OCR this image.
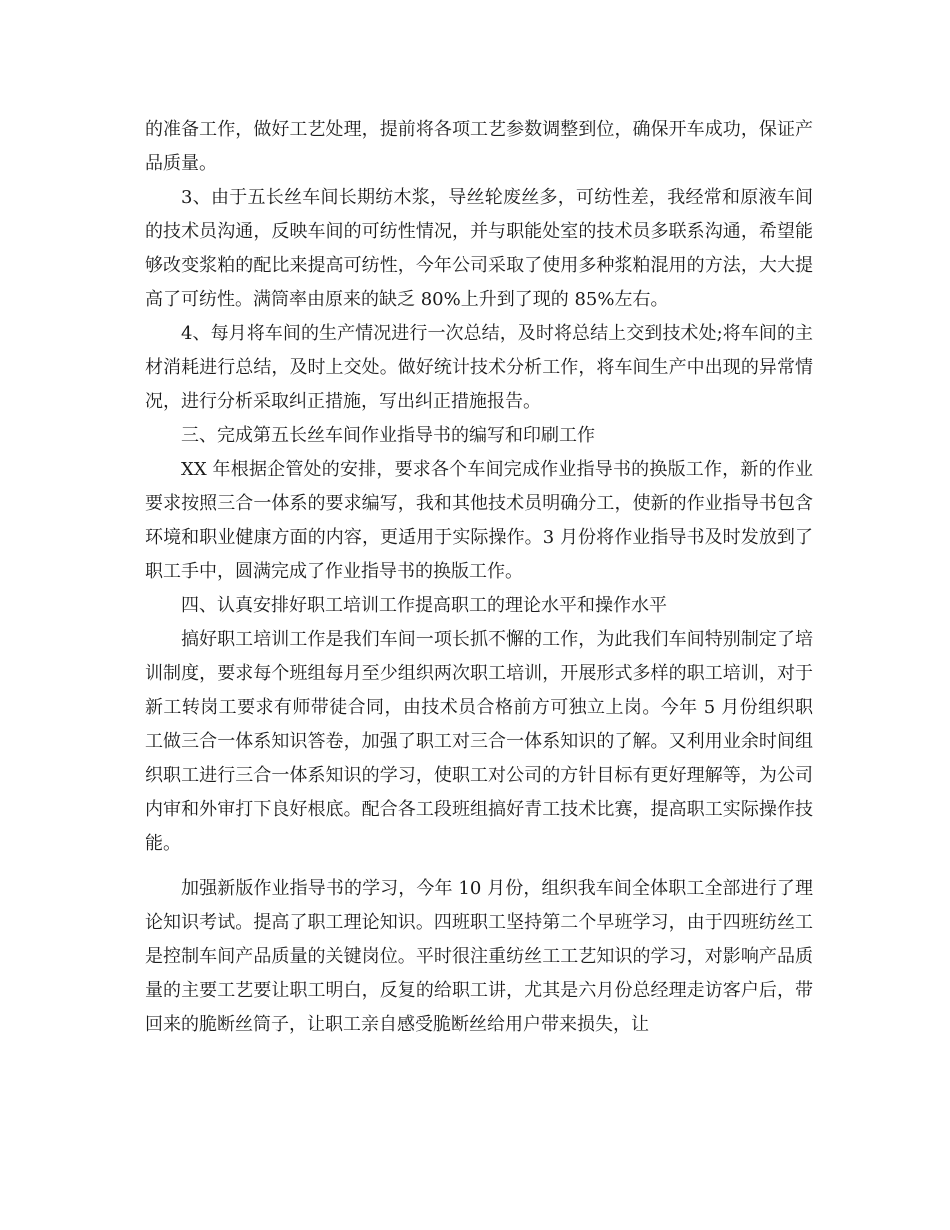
的准备工作，做好工艺处理，提前将各项工艺参数调整到位，确保开车成功，保证产品质量。

3、由于五长丝车间长期纺木浆，导丝轮废丝多，可纺性差，我经常和原液车间的技术员沟通，反映车间的可纺性情况，并与职能处室的技术员多联系沟通，希望能够改变浆粕的配比来提高可纺性，今年公司采取了使用多种浆粕混用的方法，大大提高了可纺性。满筒率由原来的缺乏 80%上升到了现的 85%左右。

4、每月将车间的生产情况进行一次总结，及时将总结上交到技术处;将车间的主材消耗进行总结，及时上交处。做好统计技术分析工作，将车间生产中出现的异常情况，进行分析采取纠正措施，写出纠正措施报告。

三、完成第五长丝车间作业指导书的编写和印刷工作

XX 年根据企管处的安排，要求各个车间完成作业指导书的换版工作，新的作业要求按照三合一体系的要求编写，我和其他技术员明确分工，使新的作业指导书包含环境和职业健康方面的内容，更适用于实际操作。3 月份将作业指导书及时发放到了职工手中，圆满完成了作业指导书的换版工作。

四、认真安排好职工培训工作提高职工的理论水平和操作水平

搞好职工培训工作是我们车间一项长抓不懈的工作，为此我们车间特别制定了培训制度，要求每个班组每月至少组织两次职工培训，开展形式多样的职工培训，对于新工转岗工要求有师带徒合同，由技术员合格前方可独立上岗。今年 5 月份组织职工做三合一体系知识答卷，加强了职工对三合一体系知识的了解。又利用业余时间组织职工进行三合一体系知识的学习，使职工对公司的方针目标有更好理解等，为公司内审和外审打下良好根底。配合各工段班组搞好青工技术比赛，提高职工实际操作技能。

加强新版作业指导书的学习，今年 10 月份，组织我车间全体职工全部进行了理论知识考试。提高了职工理论知识。四班职工坚持第二个早班学习，由于四班纺丝工是控制车间产品质量的关键岗位。平时很注重纺丝工工艺知识的学习，对影响产品质量的主要工艺要让职工明白，反复的给职工讲，尤其是六月份总经理走访客户后，带回来的脆断丝筒子，让职工亲自感受脆断丝给用户带来损失，让
